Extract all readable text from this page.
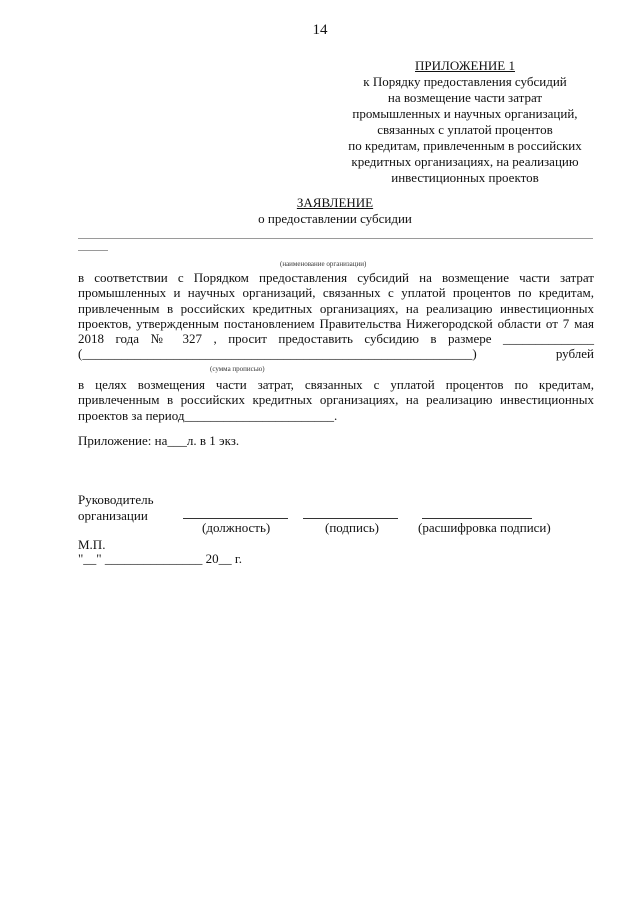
14
ПРИЛОЖЕНИЕ 1
к Порядку предоставления субсидий
на возмещение части затрат
промышленных и научных организаций,
связанных с уплатой процентов
по кредитам, привлеченным в российских
кредитных организациях, на реализацию
инвестиционных проектов
ЗАЯВЛЕНИЕ
о предоставлении субсидии
(наименование организации)
в соответствии с Порядком предоставления субсидий на возмещение части затрат
промышленных и научных организаций, связанных с уплатой процентов по кредитам,
привлеченным в российских кредитных организациях, на реализацию инвестиционных
проектов, утвержденным постановлением Правительства Нижегородской области от 7 мая
2018 года № 327 , просит предоставить субсидию в размере ______________
(____________________________________________________________) рублей
(сумма прописью)
в целях возмещения части затрат, связанных с уплатой процентов по кредитам, привлеченным в российских кредитных организациях, на реализацию инвестиционных проектов за период_______________________.
Приложение: на___л. в 1 экз.
Руководитель
организации
(должность)	(подпись)	(расшифровка подписи)
М.П.
"__" _______________ 20__ г.
